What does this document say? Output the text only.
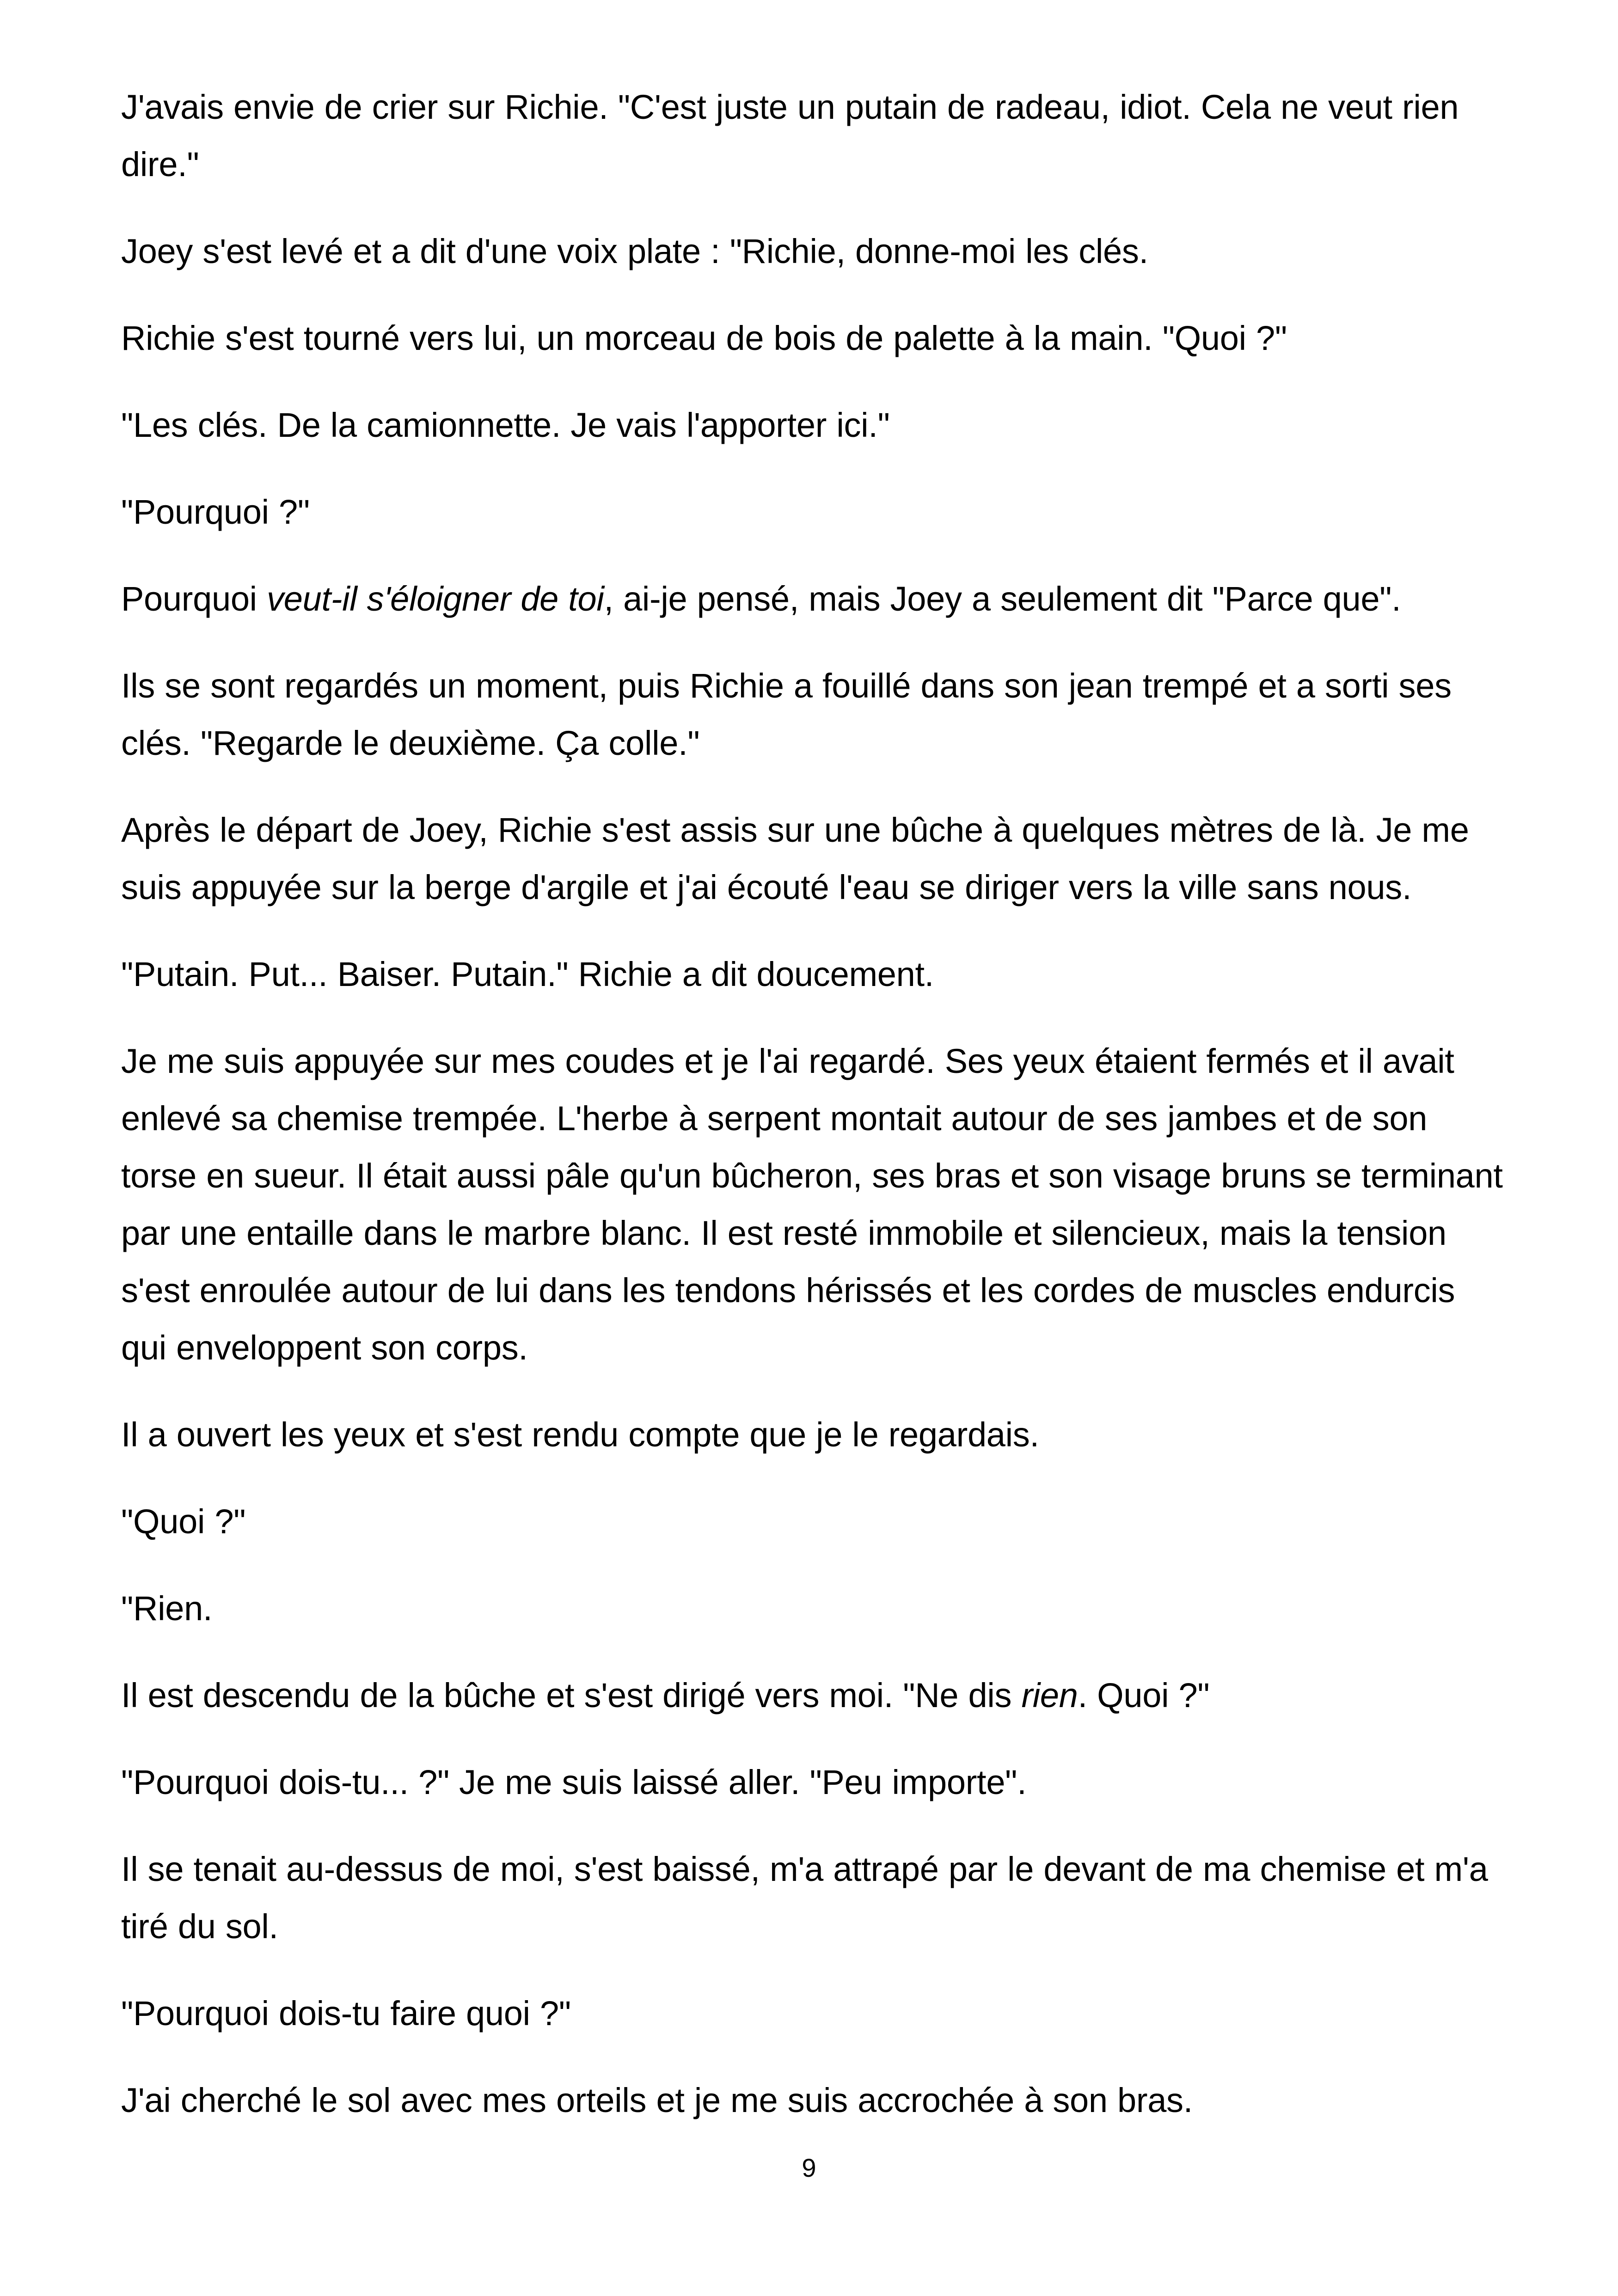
J'avais envie de crier sur Richie. "C'est juste un putain de radeau, idiot. Cela ne veut rien dire."

Joey s'est levé et a dit d'une voix plate : "Richie, donne-moi les clés.

Richie s'est tourné vers lui, un morceau de bois de palette à la main. "Quoi ?"

"Les clés. De la camionnette. Je vais l'apporter ici."

"Pourquoi ?"

Pourquoi veut-il s'éloigner de toi, ai-je pensé, mais Joey a seulement dit "Parce que".

Ils se sont regardés un moment, puis Richie a fouillé dans son jean trempé et a sorti ses clés. "Regarde le deuxième. Ça colle."

Après le départ de Joey, Richie s'est assis sur une bûche à quelques mètres de là. Je me suis appuyée sur la berge d'argile et j'ai écouté l'eau se diriger vers la ville sans nous.

"Putain. Put... Baiser. Putain." Richie a dit doucement.

Je me suis appuyée sur mes coudes et je l'ai regardé. Ses yeux étaient fermés et il avait enlevé sa chemise trempée. L'herbe à serpent montait autour de ses jambes et de son torse en sueur. Il était aussi pâle qu'un bûcheron, ses bras et son visage bruns se terminant par une entaille dans le marbre blanc. Il est resté immobile et silencieux, mais la tension s'est enroulée autour de lui dans les tendons hérissés et les cordes de muscles endurcis qui enveloppent son corps.

Il a ouvert les yeux et s'est rendu compte que je le regardais.

"Quoi ?"

"Rien.

Il est descendu de la bûche et s'est dirigé vers moi. "Ne dis rien. Quoi ?"

"Pourquoi dois-tu... ?" Je me suis laissé aller. "Peu importe".

Il se tenait au-dessus de moi, s'est baissé, m'a attrapé par le devant de ma chemise et m'a tiré du sol.

"Pourquoi dois-tu faire quoi ?"

J'ai cherché le sol avec mes orteils et je me suis accrochée à son bras.

9
